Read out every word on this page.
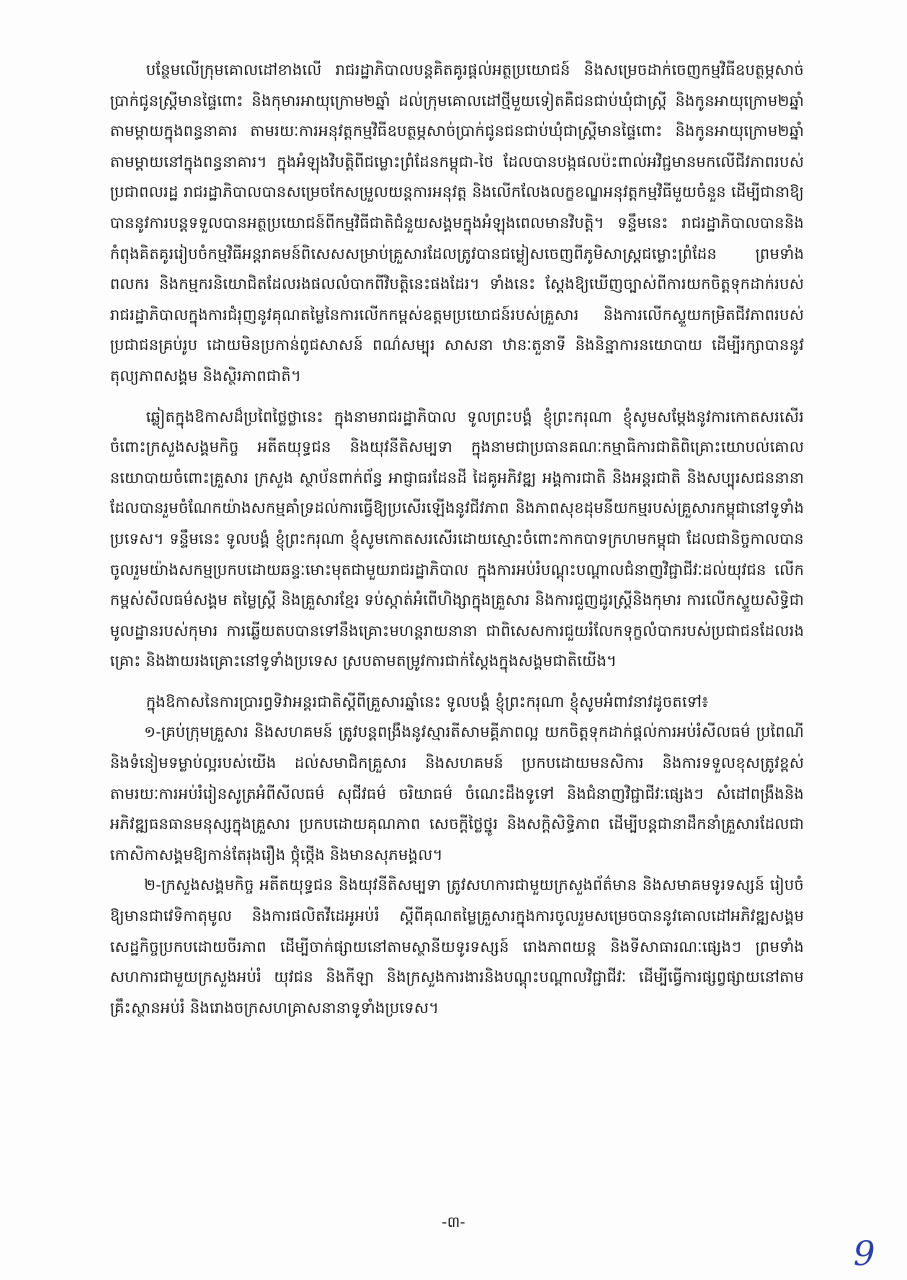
បន្ថែមលើក្រុមគោលដៅខាងលើ រាជរដ្ឋាភិបាលបន្តគិតគូរផ្តល់អត្ថប្រយោជន៍ និងសម្រេចដាក់ចេញកម្មវិធីឧបត្ថម្ភសាច់ប្រាក់ជូនស្ត្រីមានផ្ទៃពោះ និងកុមារអាយុក្រោម២ឆ្នាំ ដល់ក្រុមគោលដៅថ្មីមួយទៀតគឺជនជាប់ឃុំជាស្ត្រី និងកូនអាយុក្រោម២ឆ្នាំ តាមម្ដាយក្នុងពន្ធនាគារ តាមរយៈការអនុវត្តកម្មវិធីឧបត្ថម្ភសាច់ប្រាក់ជូនជនជាប់ឃុំជាស្ត្រីមានផ្ទៃពោះ និងកូនអាយុក្រោម២ឆ្នាំតាមម្ដាយនៅក្នុងពន្ធនាគារ។ ក្នុងអំឡុងវិបត្តិពីជម្លោះព្រំដែនកម្ពុជា-ថៃ ដែលបានបង្កផលប៉ះពាល់អវិជ្ជមានមកលើជីវភាពរបស់ប្រជាពលរដ្ឋ រាជរដ្ឋាភិបាលបានសម្រេចកែសម្រួលយន្តការអនុវត្ត និងលើកលែងលក្ខខណ្ឌអនុវត្តកម្មវិធីមួយចំនួន ដើម្បីជានាឱ្យបាននូវការបន្តទទួលបានអត្ថប្រយោជន៍ពីកម្មវិធីជាតិជំនួយសង្គមក្នុងអំឡុងពេលមានវិបត្តិ។ ទន្ទឹមនេះ រាជរដ្ឋាភិបាលបាននិងកំពុងគិតគូររៀបចំកម្មវិធីអន្តរាគមន៍ពិសេសសម្រាប់គ្រួសារដែលត្រូវបានជម្លៀសចេញពីភូមិសាស្ត្រជម្លោះព្រំដែន ព្រមទាំងពលករ និងកម្មករនិយោជិតដែលរងផលលំបាកពីវិបត្តិនេះផងដែរ។ ទាំងនេះ ស្តែងឱ្យឃើញច្បាស់ពីការយកចិត្តទុកដាក់របស់រាជរដ្ឋាភិបាលក្នុងការជំរុញនូវគុណតម្លៃនៃការលើកកម្ពស់ឧត្តមប្រយោជន៍របស់គ្រួសារ និងការលើកស្ទួយកម្រិតជីវភាពរបស់ប្រជាជនគ្រប់រូប ដោយមិនប្រកាន់ពូជសាសន៍ ពណ៌សម្បុរ សាសនា ឋានៈតួនាទី និងនិន្នាការនយោបាយ ដើម្បីរក្សាបាននូវតុល្យភាពសង្គម និងស្ថិរភាពជាតិ។

ឆ្លៀតក្នុងឱកាសដ៏ប្រពៃថ្លៃថ្លានេះ ក្នុងនាមរាជរដ្ឋាភិបាល ទូលព្រះបង្គំ ខ្ញុំព្រះករុណា ខ្ញុំសូមសម្ដែងនូវការកោតសរសើរចំពោះក្រសួងសង្គមកិច្ច អតីតយុទ្ធជន និងយុវនីតិសម្បទា ក្នុងនាមជាប្រធានគណៈកម្មាធិការជាតិពិគ្រោះយោបល់គោលនយោបាយចំពោះគ្រួសារ ក្រសួង ស្ថាប័នពាក់ព័ន្ធ អាជ្ញាធរដែនដី ដៃគូអភិវឌ្ឍ អង្គការជាតិ និងអន្តរជាតិ និងសប្បុរសជននានា ដែលបានរួមចំណែកយ៉ាងសកម្មគាំទ្រដល់ការធ្វើឱ្យប្រសើរឡើងនូវជីវភាព និងភាពសុខដុមនីយកម្មរបស់គ្រួសារកម្ពុជានៅទូទាំងប្រទេស។ ទន្ទឹមនេះ ទូលបង្គំ ខ្ញុំព្រះករុណា ខ្ញុំសូមកោតសរសើរដោយស្មោះចំពោះកាកបាទក្រហមកម្ពុជា ដែលជានិច្ចកាលបានចូលរួមយ៉ាងសកម្មប្រកបដោយឆន្ទៈមោះមុតជាមួយរាជរដ្ឋាភិបាល ក្នុងការអប់រំបណ្ដុះបណ្ដាលជំនាញវិជ្ជាជីវៈដល់យុវជន លើកកម្ពស់សីលធម៌សង្គម តម្លៃស្ត្រី និងគ្រួសារខ្មែរ ទប់ស្កាត់អំពើហិង្សាក្នុងគ្រួសារ និងការជួញដូរស្ត្រីនិងកុមារ ការលើកស្ទួយសិទ្ធិជាមូលដ្ឋានរបស់កុមារ ការឆ្លើយតបបានទៅនឹងគ្រោះមហន្តរាយនានា ជាពិសេសការជួយរំលែកទុក្ខលំបាករបស់ប្រជាជនដែលរងគ្រោះ និងងាយរងគ្រោះនៅទូទាំងប្រទេស ស្របតាមតម្រូវការជាក់ស្ដែងក្នុងសង្គមជាតិយើង។

ក្នុងឱកាសនៃការប្រារព្ធទិវាអន្តរជាតិស្តីពីគ្រួសារឆ្នាំនេះ ទូលបង្គំ ខ្ញុំព្រះករុណា ខ្ញុំសូមអំពាវនាវដូចតទៅ៖

១-គ្រប់ក្រុមគ្រួសារ និងសហគមន៍ ត្រូវបន្តពង្រឹងនូវស្មារតីសាមគ្គីភាពល្អ យកចិត្តទុកដាក់ផ្ដល់ការអប់រំសីលធម៌ ប្រពៃណី និងទំនៀមទម្លាប់ល្អរបស់យើង ដល់សមាជិកគ្រួសារ និងសហគមន៍ ប្រកបដោយមនសិការ និងការទទួលខុសត្រូវខ្ពស់ តាមរយៈការអប់រំរៀនសូត្រអំពីសីលធម៌ សុជីវធម៌ ចរិយាធម៌ ចំណេះដឹងទូទៅ និងជំនាញវិជ្ជាជីវៈផ្សេងៗ សំដៅពង្រឹងនិងអភិវឌ្ឍធនធានមនុស្សក្នុងគ្រួសារ ប្រកបដោយគុណភាព សេចក្ដីថ្លៃថ្នូរ និងសក្តិសិទ្ធិភាព ដើម្បីបន្តជានាដឹកនាំគ្រួសារដែលជាកោសិកាសង្គមឱ្យកាន់តែរុងរឿង ថ្កុំថ្កើង និងមានសុភមង្គល។

២-ក្រសួងសង្គមកិច្ច អតីតយុទ្ធជន និងយុវនីតិសម្បទា ត្រូវសហការជាមួយក្រសួងព័ត៌មាន និងសមាគមទូរទស្សន៍ រៀបចំឱ្យមានជាវេទិកាតុមូល និងការផលិតវីដេអូអប់រំ ស្តីពីគុណតម្លៃគ្រួសារក្នុងការចូលរួមសម្រេចបាននូវគោលដៅអភិវឌ្ឍសង្គម សេដ្ឋកិច្ចប្រកបដោយចីរភាព ដើម្បីចាក់ផ្សាយនៅតាមស្ថានីយទូរទស្សន៍ រោងភាពយន្ត និងទីសាធារណៈផ្សេងៗ ព្រមទាំងសហការជាមួយក្រសួងអប់រំ យុវជន និងកីឡា និងក្រសួងការងារនិងបណ្ដុះបណ្ដាលវិជ្ជាជីវៈ ដើម្បីធ្វើការផ្សព្វផ្សាយនៅតាមគ្រឹះស្ថានអប់រំ និងរោងចក្រសហគ្រាសនានាទូទាំងប្រទេស។

-៣-
9
